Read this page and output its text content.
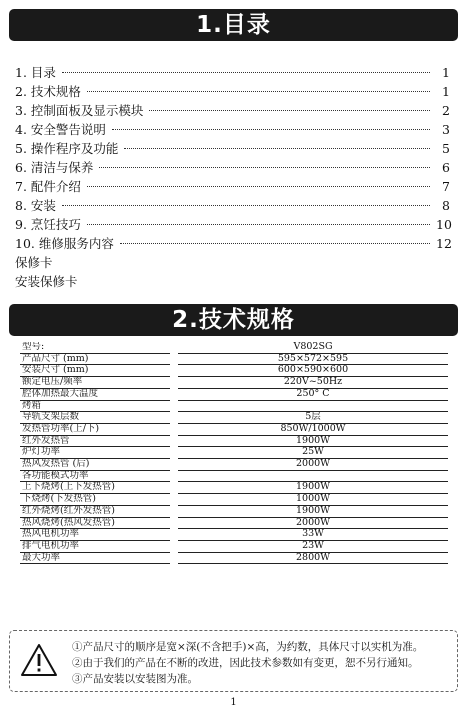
1.目录
1. 目录	1
2. 技术规格	1
3. 控制面板及显示模块	2
4. 安全警告说明	3
5. 操作程序及功能	5
6. 清洁与保养	6
7. 配件介绍	7
8. 安装	8
9. 烹饪技巧	10
10. 维修服务内容	12
保修卡
安装保修卡
2.技术规格
型号:		V802SG
产品尺寸 (mm)		595×572×595
安装尺寸 (mm)		600×590×600
额定电压/频率		220V~50Hz
腔体加热最大温度		250° C
烤箱		
导轨支架层数		5层
发热管功率(上/下)		850W/1000W
红外发热管		1900W
炉灯功率		25W
热风发热管 (后)		2000W
各功能模式功率		
上下烧烤(上下发热管)		1900W
下烧烤(下发热管)		1000W
红外烧烤(红外发热管)		1900W
热风烧烤(热风发热管)		2000W
热风电机功率		33W
排气电机功率		23W
最大功率		2800W
①产品尺寸的顺序是宽×深(不含把手)×高，为约数，具体尺寸以实机为准。
②由于我们的产品在不断的改进，因此技术参数如有变更，恕不另行通知。
③产品安装以安装图为准。
1
